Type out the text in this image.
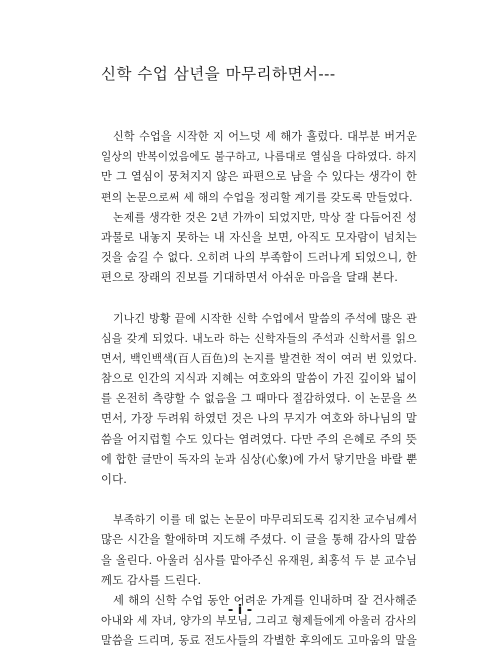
신학 수업 삼년을 마무리하면서---
신학 수업을 시작한 지 어느덧 세 해가 흘렀다. 대부분 버거운
일상의 반복이었음에도 불구하고, 나름대로 열심을 다하였다. 하지
만 그 열심이 뭉쳐지지 않은 파편으로 남을 수 있다는 생각이 한
편의 논문으로써 세 해의 수업을 정리할 계기를 갖도록 만들었다.
논제를 생각한 것은 2년 가까이 되었지만, 막상 잘 다듬어진 성
과물로 내놓지 못하는 내 자신을 보면, 아직도 모자람이 넘치는
것을 숨길 수 없다. 오히려 나의 부족함이 드러나게 되었으니, 한
편으로 장래의 진보를 기대하면서 아쉬운 마음을 달래 본다.
기나긴 방황 끝에 시작한 신학 수업에서 말씀의 주석에 많은 관
심을 갖게 되었다. 내노라 하는 신학자들의 주석과 신학서를 읽으
면서, 백인백색(百人百色)의 논지를 발견한 적이 여러 번 있었다.
참으로 인간의 지식과 지혜는 여호와의 말씀이 가진 깊이와 넓이
를 온전히 측량할 수 없음을 그 때마다 절감하였다. 이 논문을 쓰
면서, 가장 두려워 하였던 것은 나의 무지가 여호와 하나님의 말
씀을 어지럽힐 수도 있다는 염려였다. 다만 주의 은혜로 주의 뜻
에 합한 글만이 독자의 눈과 심상(心象)에 가서 닿기만을 바랄 뿐
이다.
부족하기 이를 데 없는 논문이 마무리되도록 김지찬 교수님께서
많은 시간을 할애하며 지도해 주셨다. 이 글을 통해 감사의 말씀
을 올린다. 아울러 심사를 맡아주신 유재원, 최홍석 두 분 교수님
께도 감사를 드린다.
세 해의 신학 수업 동안 어려운 가계를 인내하며 잘 건사해준
아내와 세 자녀, 양가의 부모님, 그리고 형제들에게 아울러 감사의
말씀을 드리며, 동료 전도사들의 각별한 후의에도 고마움의 말을
- i -
